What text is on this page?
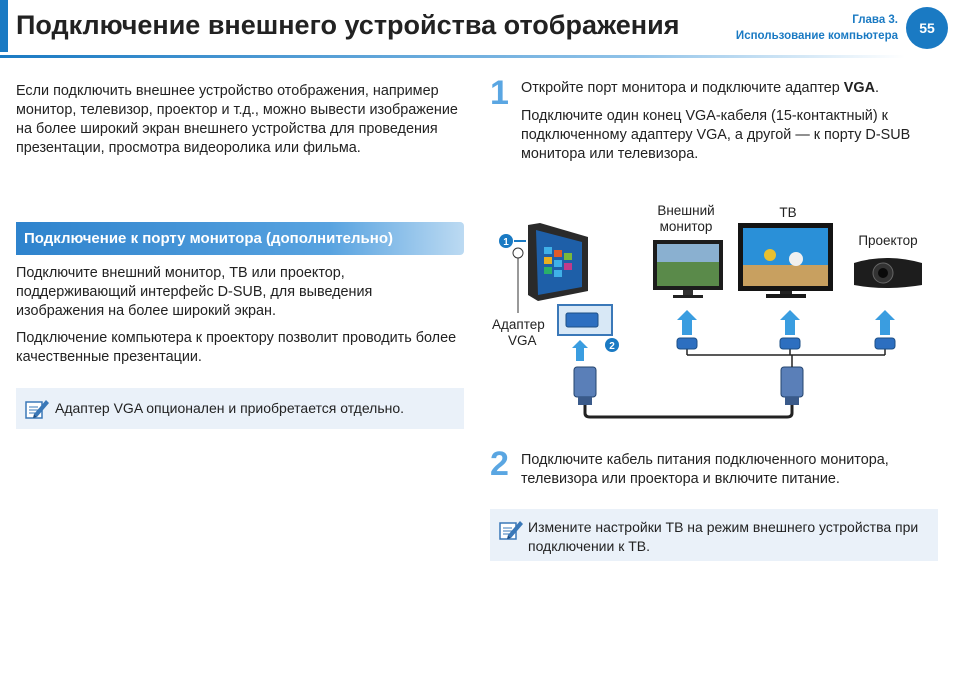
Подключение внешнего устройства отображения	Глава 3.
Использование компьютера	55
Если подключить внешнее устройство отображения, например монитор, телевизор, проектор и т.д., можно вывести изображение на более широкий экран внешнего устройства для проведения презентации, просмотра видеоролика или фильма.
Подключение к порту монитора (дополнительно)
Подключите внешний монитор, ТВ или проектор, поддерживающий интерфейс D-SUB, для выведения изображения на более широкий экран.
Подключение компьютера к проектору позволит проводить более качественные презентации.
Адаптер VGA опционален и приобретается отдельно.
1 Откройте порт монитора и подключите адаптер VGA.
Подключите один конец VGA-кабеля (15-контактный) к подключенному адаптеру VGA, а другой — к порту D-SUB монитора или телевизора.
1
Адаптер
VGA	2
Внешний
монитор
ТВ
Проектор
2 Подключите кабель питания подключенного монитора, телевизора или проектора и включите питание.
Измените настройки ТВ на режим внешнего устройства при подключении к ТВ.
